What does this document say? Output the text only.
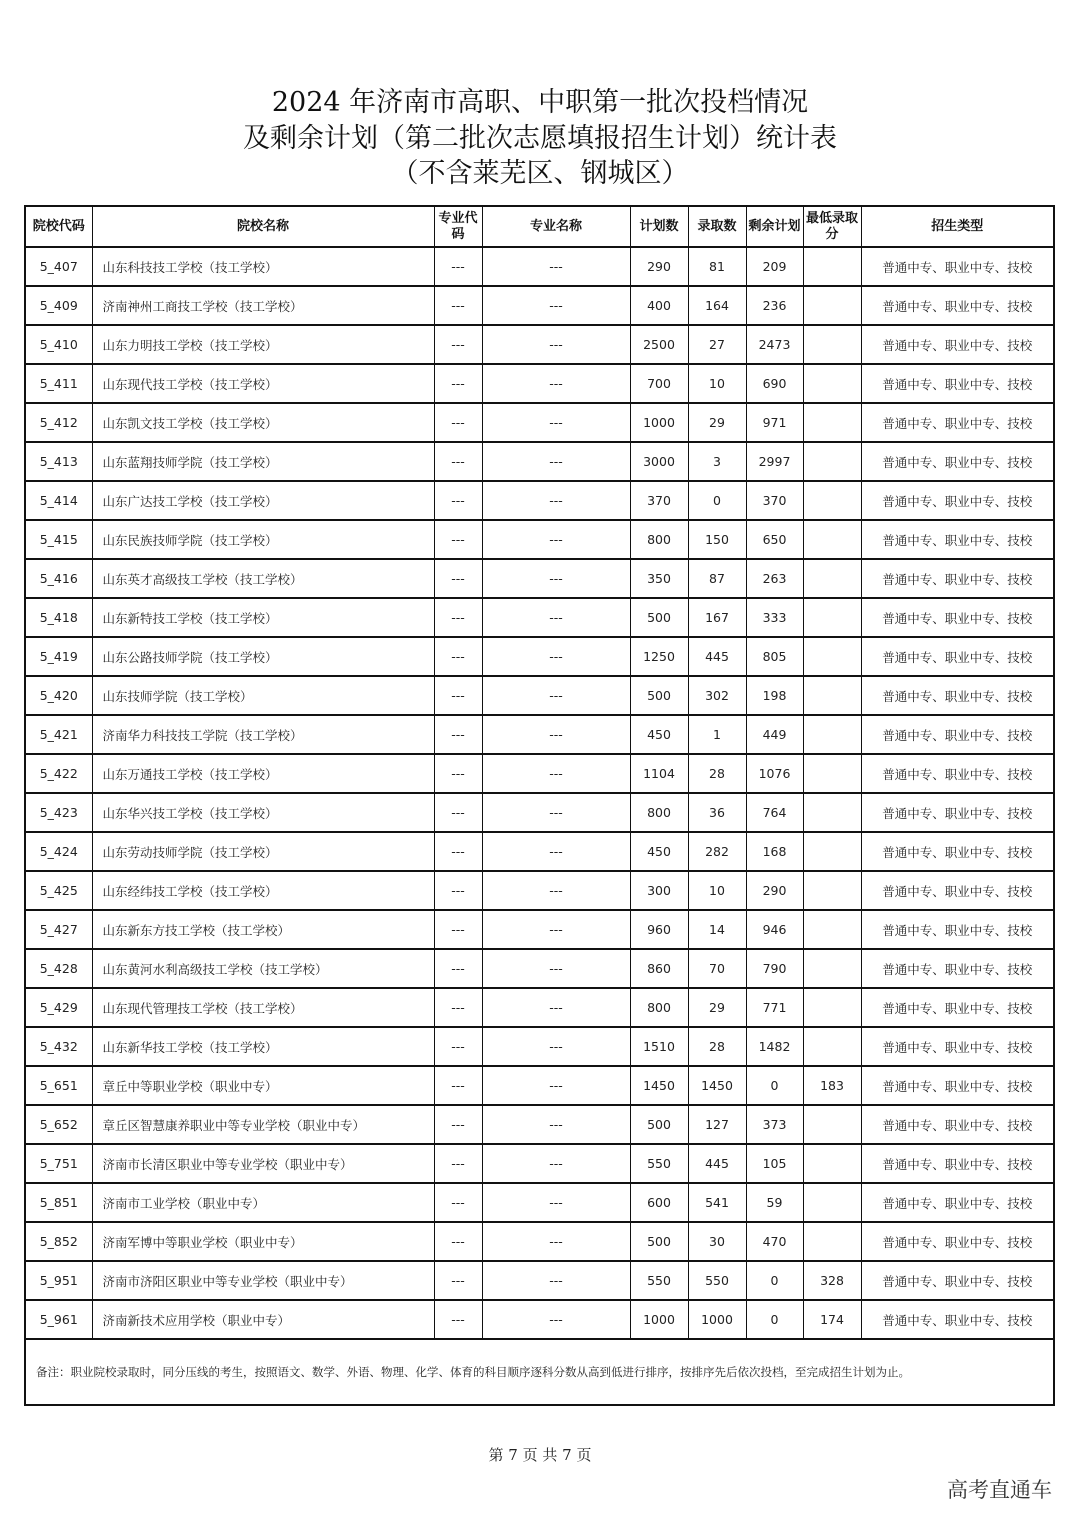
2024 年济南市高职、中职第一批次投档情况
及剩余计划（第二批次志愿填报招生计划）统计表
（不含莱芜区、钢城区）
院校代码	院校名称	专业代码	专业名称	计划数	录取数	剩余计划	最低录取分	招生类型
5_407	山东科技技工学校（技工学校）	---	---	290	81	209		普通中专、职业中专、技校
5_409	济南神州工商技工学校（技工学校）	---	---	400	164	236		普通中专、职业中专、技校
5_410	山东力明技工学校（技工学校）	---	---	2500	27	2473		普通中专、职业中专、技校
5_411	山东现代技工学校（技工学校）	---	---	700	10	690		普通中专、职业中专、技校
5_412	山东凯文技工学校（技工学校）	---	---	1000	29	971		普通中专、职业中专、技校
5_413	山东蓝翔技师学院（技工学校）	---	---	3000	3	2997		普通中专、职业中专、技校
5_414	山东广达技工学校（技工学校）	---	---	370	0	370		普通中专、职业中专、技校
5_415	山东民族技师学院（技工学校）	---	---	800	150	650		普通中专、职业中专、技校
5_416	山东英才高级技工学校（技工学校）	---	---	350	87	263		普通中专、职业中专、技校
5_418	山东新特技工学校（技工学校）	---	---	500	167	333		普通中专、职业中专、技校
5_419	山东公路技师学院（技工学校）	---	---	1250	445	805		普通中专、职业中专、技校
5_420	山东技师学院（技工学校）	---	---	500	302	198		普通中专、职业中专、技校
5_421	济南华力科技技工学院（技工学校）	---	---	450	1	449		普通中专、职业中专、技校
5_422	山东万通技工学校（技工学校）	---	---	1104	28	1076		普通中专、职业中专、技校
5_423	山东华兴技工学校（技工学校）	---	---	800	36	764		普通中专、职业中专、技校
5_424	山东劳动技师学院（技工学校）	---	---	450	282	168		普通中专、职业中专、技校
5_425	山东经纬技工学校（技工学校）	---	---	300	10	290		普通中专、职业中专、技校
5_427	山东新东方技工学校（技工学校）	---	---	960	14	946		普通中专、职业中专、技校
5_428	山东黄河水利高级技工学校（技工学校）	---	---	860	70	790		普通中专、职业中专、技校
5_429	山东现代管理技工学校（技工学校）	---	---	800	29	771		普通中专、职业中专、技校
5_432	山东新华技工学校（技工学校）	---	---	1510	28	1482		普通中专、职业中专、技校
5_651	章丘中等职业学校（职业中专）	---	---	1450	1450	0	183	普通中专、职业中专、技校
5_652	章丘区智慧康养职业中等专业学校（职业中专）	---	---	500	127	373		普通中专、职业中专、技校
5_751	济南市长清区职业中等专业学校（职业中专）	---	---	550	445	105		普通中专、职业中专、技校
5_851	济南市工业学校（职业中专）	---	---	600	541	59		普通中专、职业中专、技校
5_852	济南军博中等职业学校（职业中专）	---	---	500	30	470		普通中专、职业中专、技校
5_951	济南市济阳区职业中等专业学校（职业中专）	---	---	550	550	0	328	普通中专、职业中专、技校
5_961	济南新技术应用学校（职业中专）	---	---	1000	1000	0	174	普通中专、职业中专、技校
备注：职业院校录取时，同分压线的考生，按照语文、数学、外语、物理、化学、体育的科目顺序逐科分数从高到低进行排序，按排序先后依次投档，至完成招生计划为止。								
第 7 页 共 7 页
高考直通车
